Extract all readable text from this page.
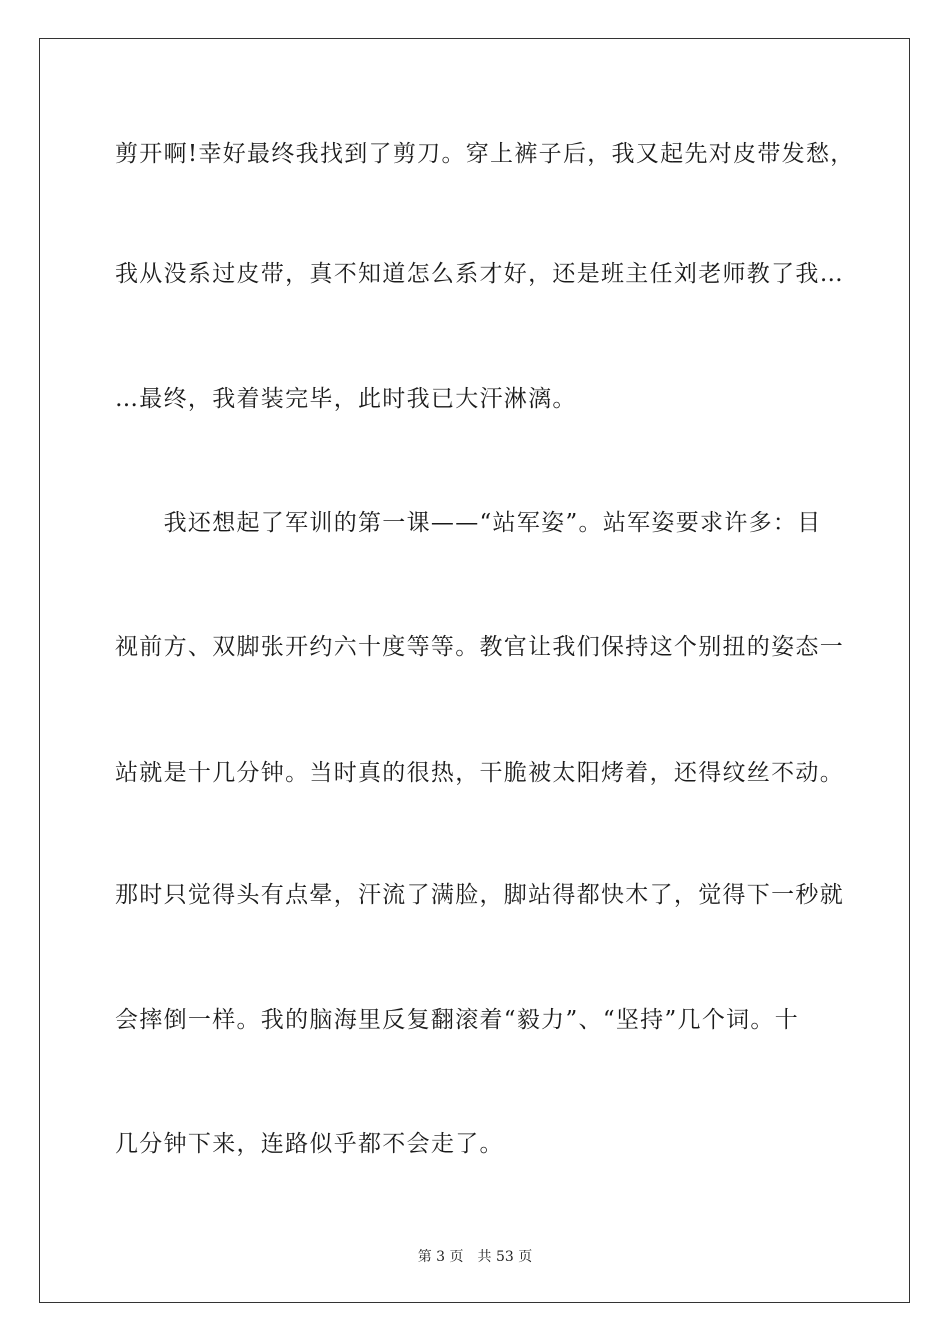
剪开啊!幸好最终我找到了剪刀。穿上裤子后，我又起先对皮带发愁，
我从没系过皮带，真不知道怎么系才好，还是班主任刘老师教了我…
…最终，我着装完毕，此时我已大汗淋漓。
　　我还想起了军训的第一课——“站军姿”。站军姿要求许多：目
视前方、双脚张开约六十度等等。教官让我们保持这个别扭的姿态一
站就是十几分钟。当时真的很热，干脆被太阳烤着，还得纹丝不动。
那时只觉得头有点晕，汗流了满脸，脚站得都快木了，觉得下一秒就
会摔倒一样。我的脑海里反复翻滚着“毅力”、“坚持”几个词。十
几分钟下来，连路似乎都不会走了。
第 3 页　共 53 页
